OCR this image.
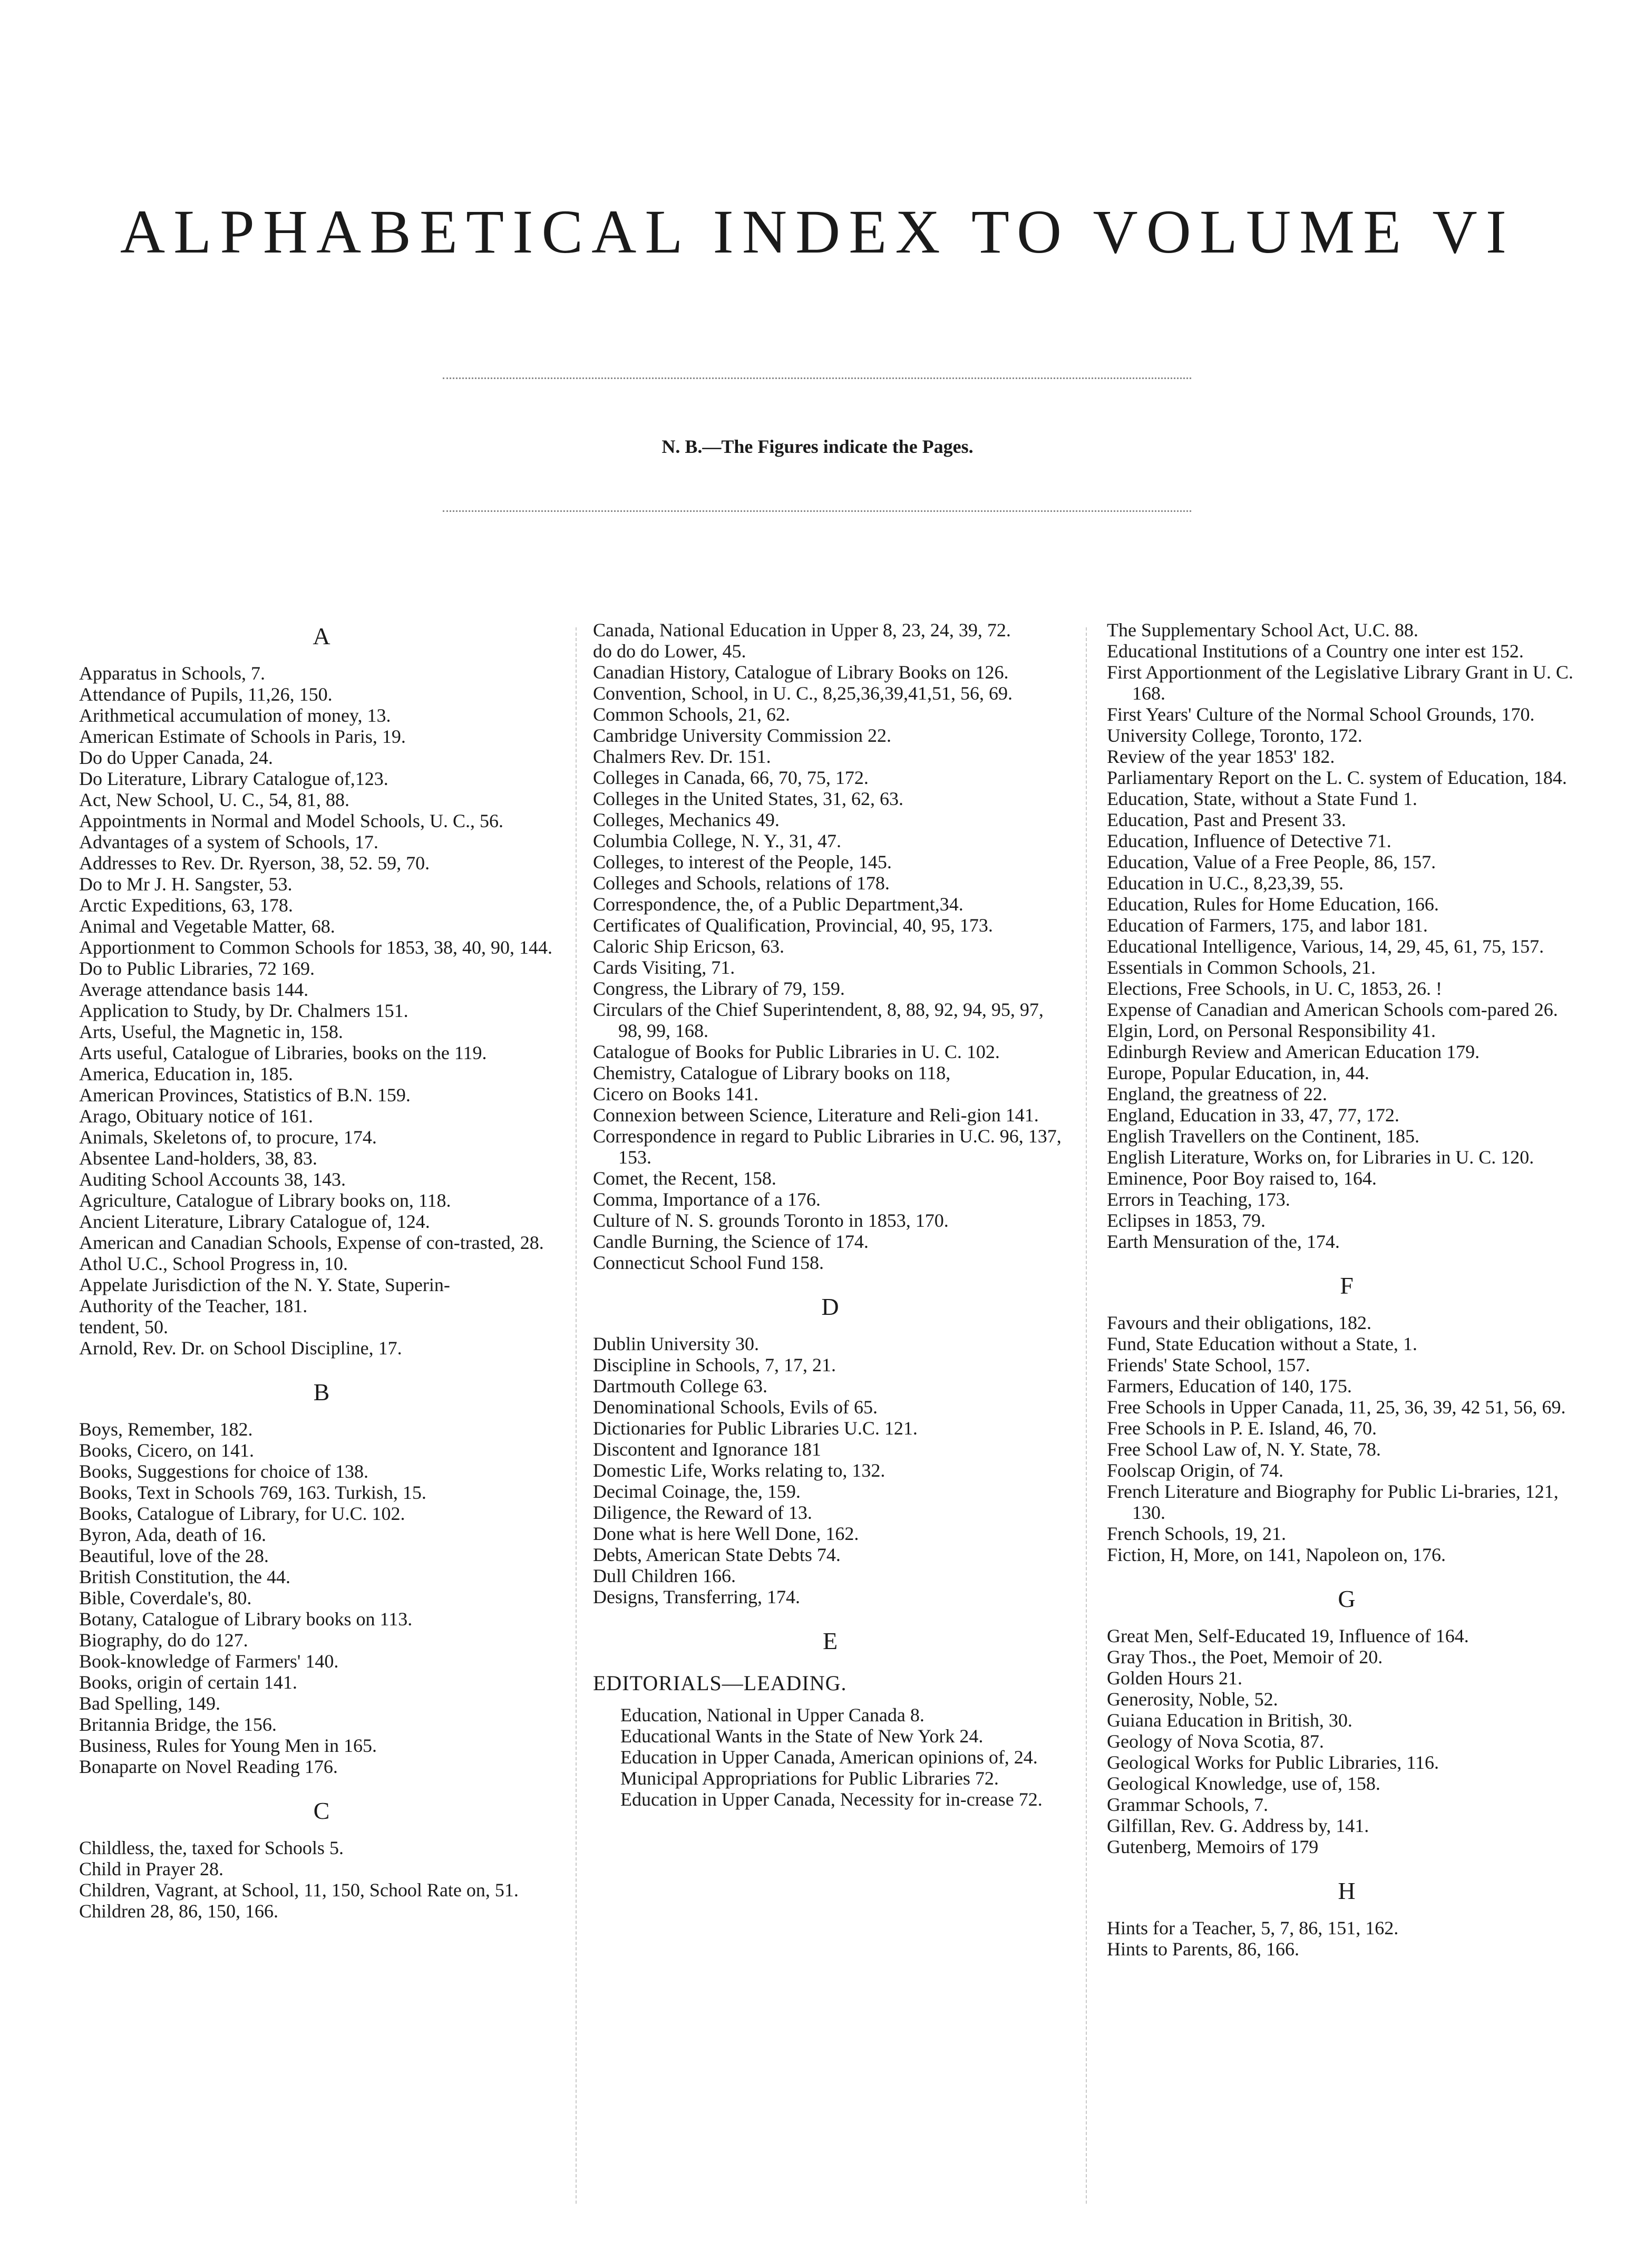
ALPHABETICAL INDEX TO VOLUME VI
N. B.—The Figures indicate the Pages.
A
Apparatus in Schools, 7.
Attendance of Pupils, 11,26, 150.
Arithmetical accumulation of money, 13.
American Estimate of Schools in Paris, 19.
Do do Upper Canada, 24.
Do Literature, Library Catalogue of,123.
Act, New School, U. C., 54, 81, 88.
Appointments in Normal and Model Schools, U. C., 56.
Advantages of a system of Schools, 17.
Addresses to Rev. Dr. Ryerson, 38, 52. 59, 70.
Do to Mr J. H. Sangster, 53.
Arctic Expeditions, 63, 178.
Animal and Vegetable Matter, 68.
Apportionment to Common Schools for 1853, 38, 40, 90, 144.
Do to Public Libraries, 72 169.
Average attendance basis 144.
Application to Study, by Dr. Chalmers 151.
Arts, Useful, the Magnetic in, 158.
Arts useful, Catalogue of Libraries, books on the 119.
America, Education in, 185.
American Provinces, Statistics of B.N. 159.
Arago, Obituary notice of 161.
Animals, Skeletons of, to procure, 174.
Absentee Land-holders, 38, 83.
Auditing School Accounts 38, 143.
Agriculture, Catalogue of Library books on, 118.
Ancient Literature, Library Catalogue of, 124.
American and Canadian Schools, Expense of con-trasted, 28.
Athol U.C., School Progress in, 10.
Appelate Jurisdiction of the N. Y. State, Superin-
Authority of the Teacher, 181.
tendent, 50.
Arnold, Rev. Dr. on School Discipline, 17.
B
Boys, Remember, 182.
Books, Cicero, on 141.
Books, Suggestions for choice of 138.
Books, Text in Schools 769, 163. Turkish, 15.
Books, Catalogue of Library, for U.C. 102.
Byron, Ada, death of 16.
Beautiful, love of the 28.
British Constitution, the 44.
Bible, Coverdale's, 80.
Botany, Catalogue of Library books on 113.
Biography, do do 127.
Book-knowledge of Farmers' 140.
Books, origin of certain 141.
Bad Spelling, 149.
Britannia Bridge, the 156.
Business, Rules for Young Men in 165.
Bonaparte on Novel Reading 176.
C
Childless, the, taxed for Schools 5.
Child in Prayer 28.
Children, Vagrant, at School, 11, 150, School Rate on, 51.
Children 28, 86, 150, 166.
Canada, National Education in Upper 8, 23, 24, 39, 72.
do do do Lower, 45.
Canadian History, Catalogue of Library Books on 126.
Convention, School, in U. C., 8,25,36,39,41,51, 56, 69.
Common Schools, 21, 62.
Cambridge University Commission 22.
Chalmers Rev. Dr. 151.
Colleges in Canada, 66, 70, 75, 172.
Colleges in the United States, 31, 62, 63.
Colleges, Mechanics 49.
Columbia College, N. Y., 31, 47.
Colleges, to interest of the People, 145.
Colleges and Schools, relations of 178.
Correspondence, the, of a Public Department,34.
Certificates of Qualification, Provincial, 40, 95, 173.
Caloric Ship Ericson, 63.
Cards Visiting, 71.
Congress, the Library of 79, 159.
Circulars of the Chief Superintendent, 8, 88, 92, 94, 95, 97, 98, 99, 168.
Catalogue of Books for Public Libraries in U. C. 102.
Chemistry, Catalogue of Library books on 118,
Cicero on Books 141.
Connexion between Science, Literature and Reli-gion 141.
Correspondence in regard to Public Libraries in U.C. 96, 137, 153.
Comet, the Recent, 158.
Comma, Importance of a 176.
Culture of N. S. grounds Toronto in 1853, 170.
Candle Burning, the Science of 174.
Connecticut School Fund 158.
D
Dublin University 30.
Discipline in Schools, 7, 17, 21.
Dartmouth College 63.
Denominational Schools, Evils of 65.
Dictionaries for Public Libraries U.C. 121.
Discontent and Ignorance 181
Domestic Life, Works relating to, 132.
Decimal Coinage, the, 159.
Diligence, the Reward of 13.
Done what is here Well Done, 162.
Debts, American State Debts 74.
Dull Children 166.
Designs, Transferring, 174.
E
EDITORIALS—LEADING.
Education, National in Upper Canada 8.
Educational Wants in the State of New York 24.
Education in Upper Canada, American opinions of, 24.
Municipal Appropriations for Public Libraries 72.
Education in Upper Canada, Necessity for in-crease 72.
The Supplementary School Act, U.C. 88.
Educational Institutions of a Country one inter est 152.
First Apportionment of the Legislative Library Grant in U. C. 168.
First Years' Culture of the Normal School Grounds, 170.
University College, Toronto, 172.
Review of the year 1853' 182.
Parliamentary Report on the L. C. system of Education, 184.
Education, State, without a State Fund 1.
Education, Past and Present 33.
Education, Influence of Detective 71.
Education, Value of a Free People, 86, 157.
Education in U.C., 8,23,39, 55.
Education, Rules for Home Education, 166.
Education of Farmers, 175, and labor 181.
Educational Intelligence, Various, 14, 29, 45, 61, 75, 157.
Essentials in Common Schools, 21.
Elections, Free Schools, in U. C, 1853, 26. !
Expense of Canadian and American Schools com-pared 26.
Elgin, Lord, on Personal Responsibility 41.
Edinburgh Review and American Education 179.
Europe, Popular Education, in, 44.
England, the greatness of 22.
England, Education in 33, 47, 77, 172.
English Travellers on the Continent, 185.
English Literature, Works on, for Libraries in U. C. 120.
Eminence, Poor Boy raised to, 164.
Errors in Teaching, 173.
Eclipses in 1853, 79.
Earth Mensuration of the, 174.
F
Favours and their obligations, 182.
Fund, State Education without a State, 1.
Friends' State School, 157.
Farmers, Education of 140, 175.
Free Schools in Upper Canada, 11, 25, 36, 39, 42 51, 56, 69.
Free Schools in P. E. Island, 46, 70.
Free School Law of, N. Y. State, 78.
Foolscap Origin, of 74.
French Literature and Biography for Public Li-braries, 121, 130.
French Schools, 19, 21.
Fiction, H, More, on 141, Napoleon on, 176.
G
Great Men, Self-Educated 19, Influence of 164.
Gray Thos., the Poet, Memoir of 20.
Golden Hours 21.
Generosity, Noble, 52.
Guiana Education in British, 30.
Geology of Nova Scotia, 87.
Geological Works for Public Libraries, 116.
Geological Knowledge, use of, 158.
Grammar Schools, 7.
Gilfillan, Rev. G. Address by, 141.
Gutenberg, Memoirs of 179
H
Hints for a Teacher, 5, 7, 86, 151, 162.
Hints to Parents, 86, 166.
